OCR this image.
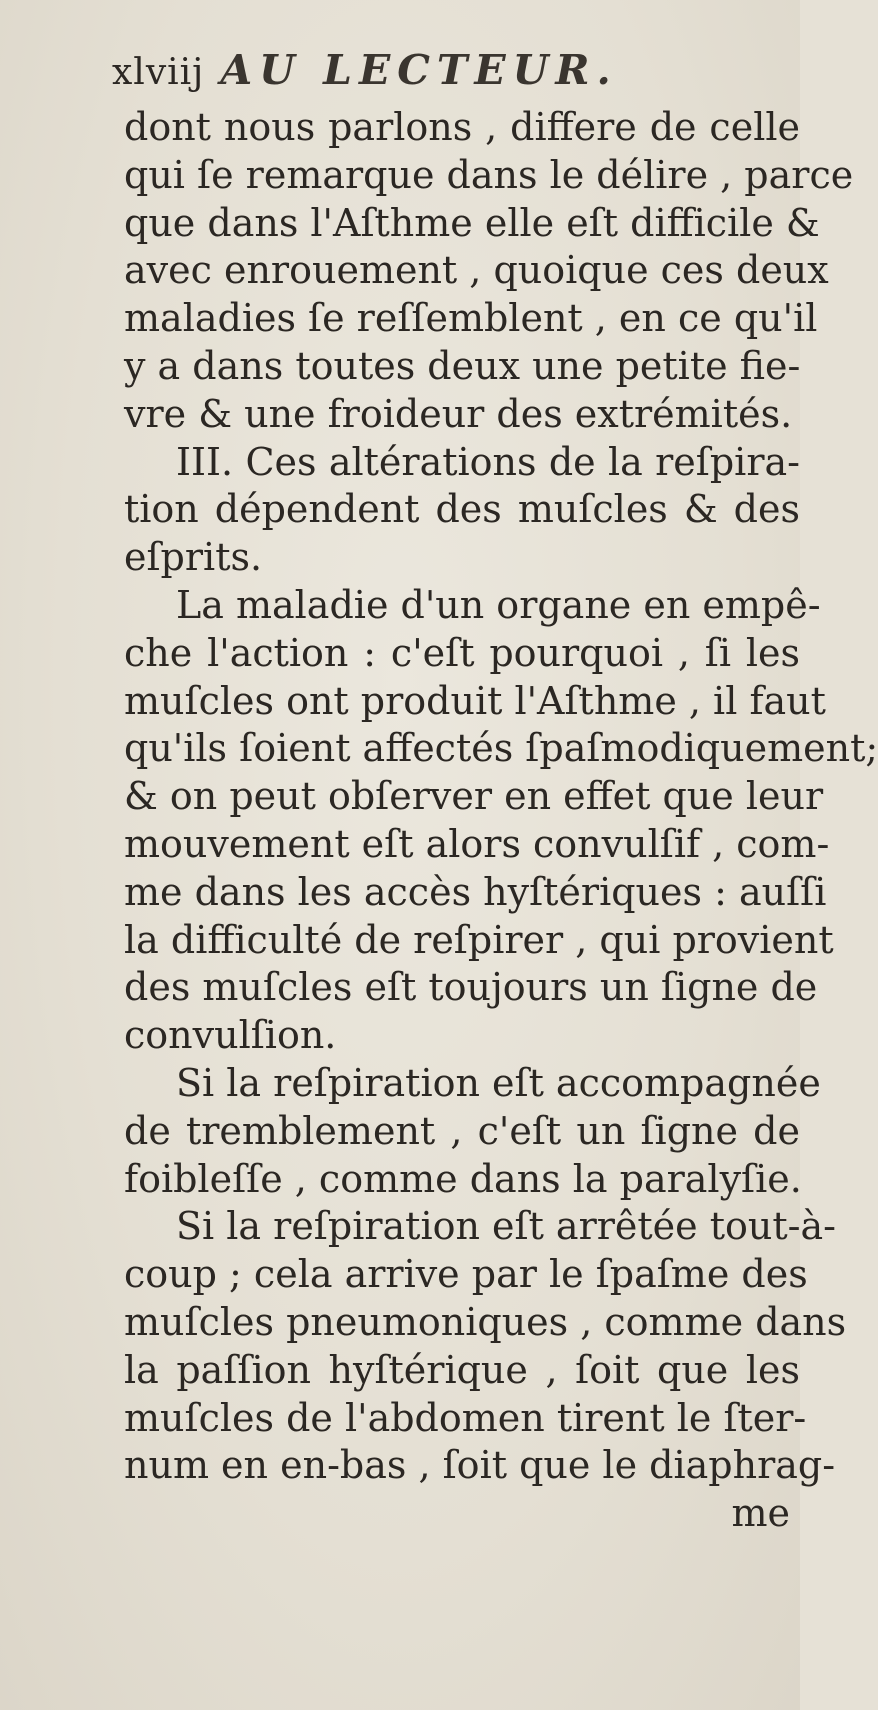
xlviij AU LECTEUR.
dont nous parlons , differe de celle
qui ſe remarque dans le délire , parce
que dans l'Aſthme elle eſt difficile &
avec enrouement , quoique ces deux
maladies ſe reſſemblent , en ce qu'il
y a dans toutes deux une petite fie-
vre & une froideur des extrémités.
III. Ces altérations de la reſpira-
tion dépendent des muſcles & des
eſprits.
La maladie d'un organe en empê-
che l'action : c'eſt pourquoi , ſi les
muſcles ont produit l'Aſthme , il faut
qu'ils ſoient affectés ſpaſmodiquement;
& on peut obſerver en effet que leur
mouvement eſt alors convulſif , com-
me dans les accès hyſtériques : auſſi
la difficulté de reſpirer , qui provient
des muſcles eſt toujours un ſigne de
convulſion.
Si la reſpiration eſt accompagnée
de tremblement , c'eſt un ſigne de
foibleſſe , comme dans la paralyſie.
Si la reſpiration eſt arrêtée tout-à-
coup ; cela arrive par le ſpaſme des
muſcles pneumoniques , comme dans
la paſſion hyſtérique , ſoit que les
muſcles de l'abdomen tirent le ſter-
num en en-bas , ſoit que le diaphrag-
me
